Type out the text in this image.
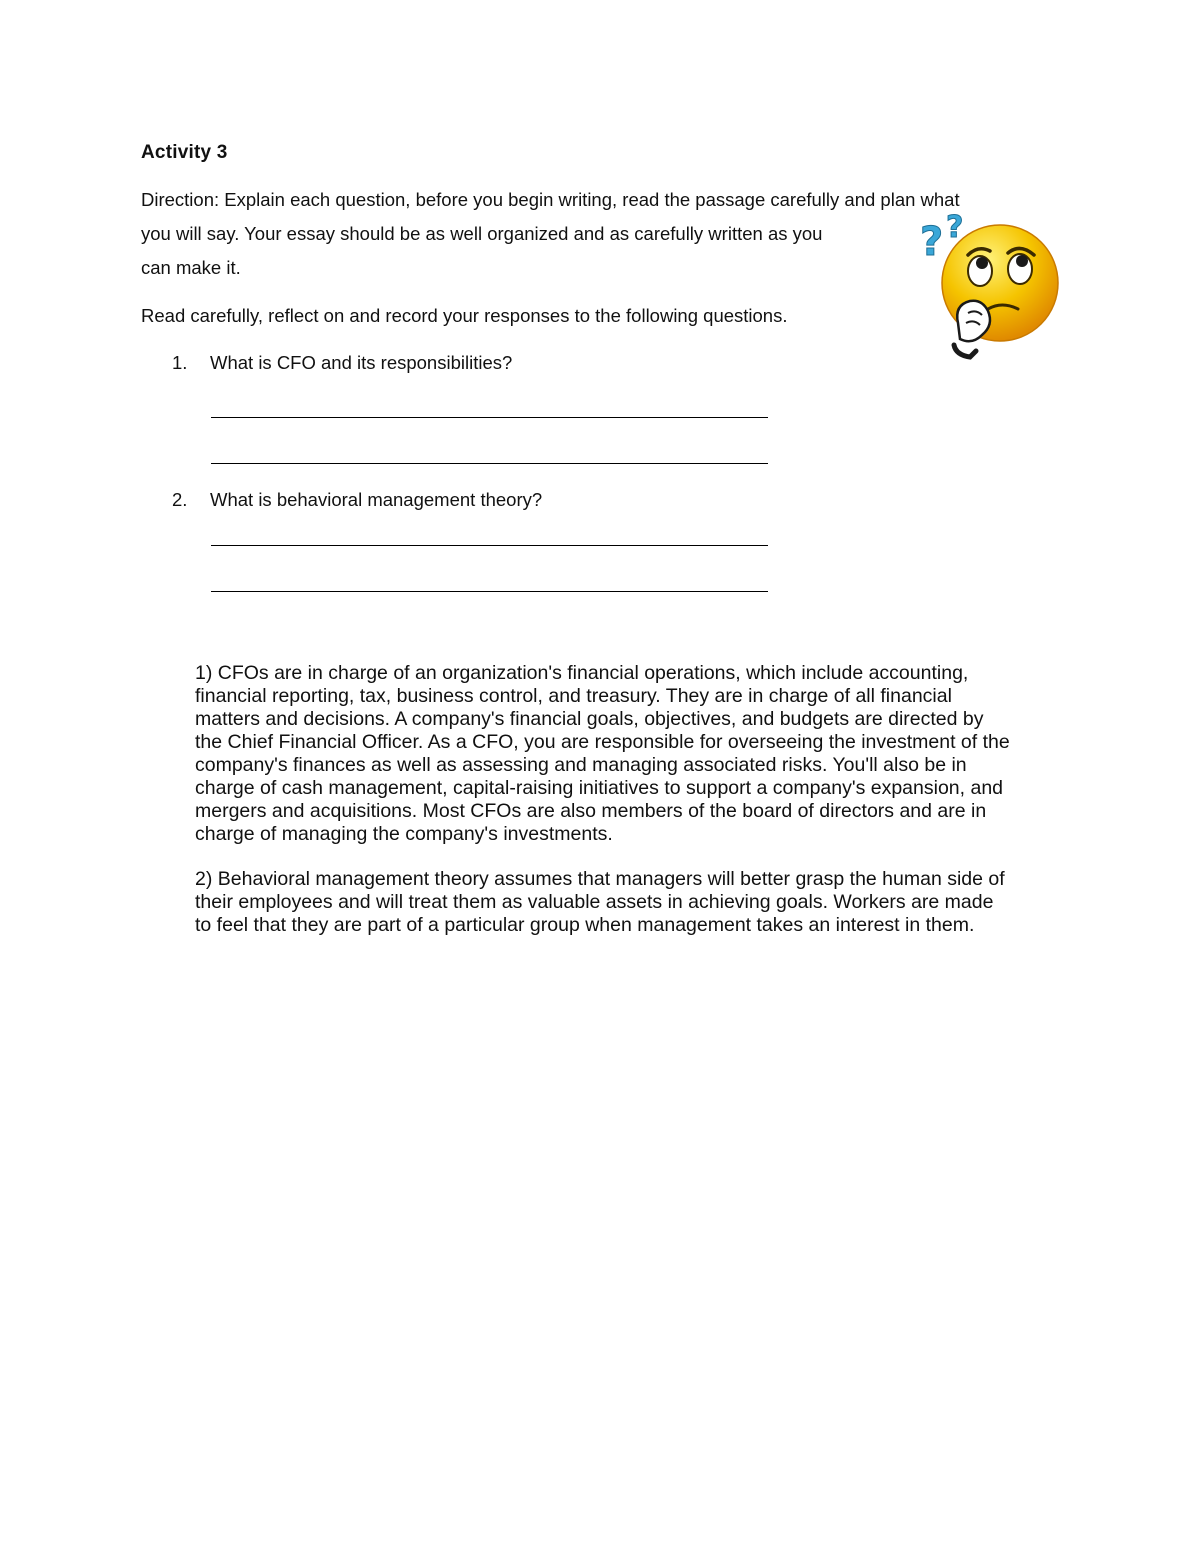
Activity 3
Direction: Explain each question, before you begin writing, read the passage carefully and plan what
you will say. Your essay should be as well organized and as carefully written as you
can make it.
Read carefully, reflect on and record your responses to the following questions.
1. What is CFO and its responsibilities?
2. What is behavioral management theory?
1) CFOs are in charge of an organization's financial operations, which include accounting,
financial reporting, tax, business control, and treasury. They are in charge of all financial
matters and decisions. A company's financial goals, objectives, and budgets are directed by
the Chief Financial Officer. As a CFO, you are responsible for overseeing the investment of the
company's finances as well as assessing and managing associated risks. You'll also be in
charge of cash management, capital-raising initiatives to support a company's expansion, and
mergers and acquisitions. Most CFOs are also members of the board of directors and are in
charge of managing the company's investments.
2) Behavioral management theory assumes that managers will better grasp the human side of
their employees and will treat them as valuable assets in achieving goals. Workers are made
to feel that they are part of a particular group when management takes an interest in them.
? ?
